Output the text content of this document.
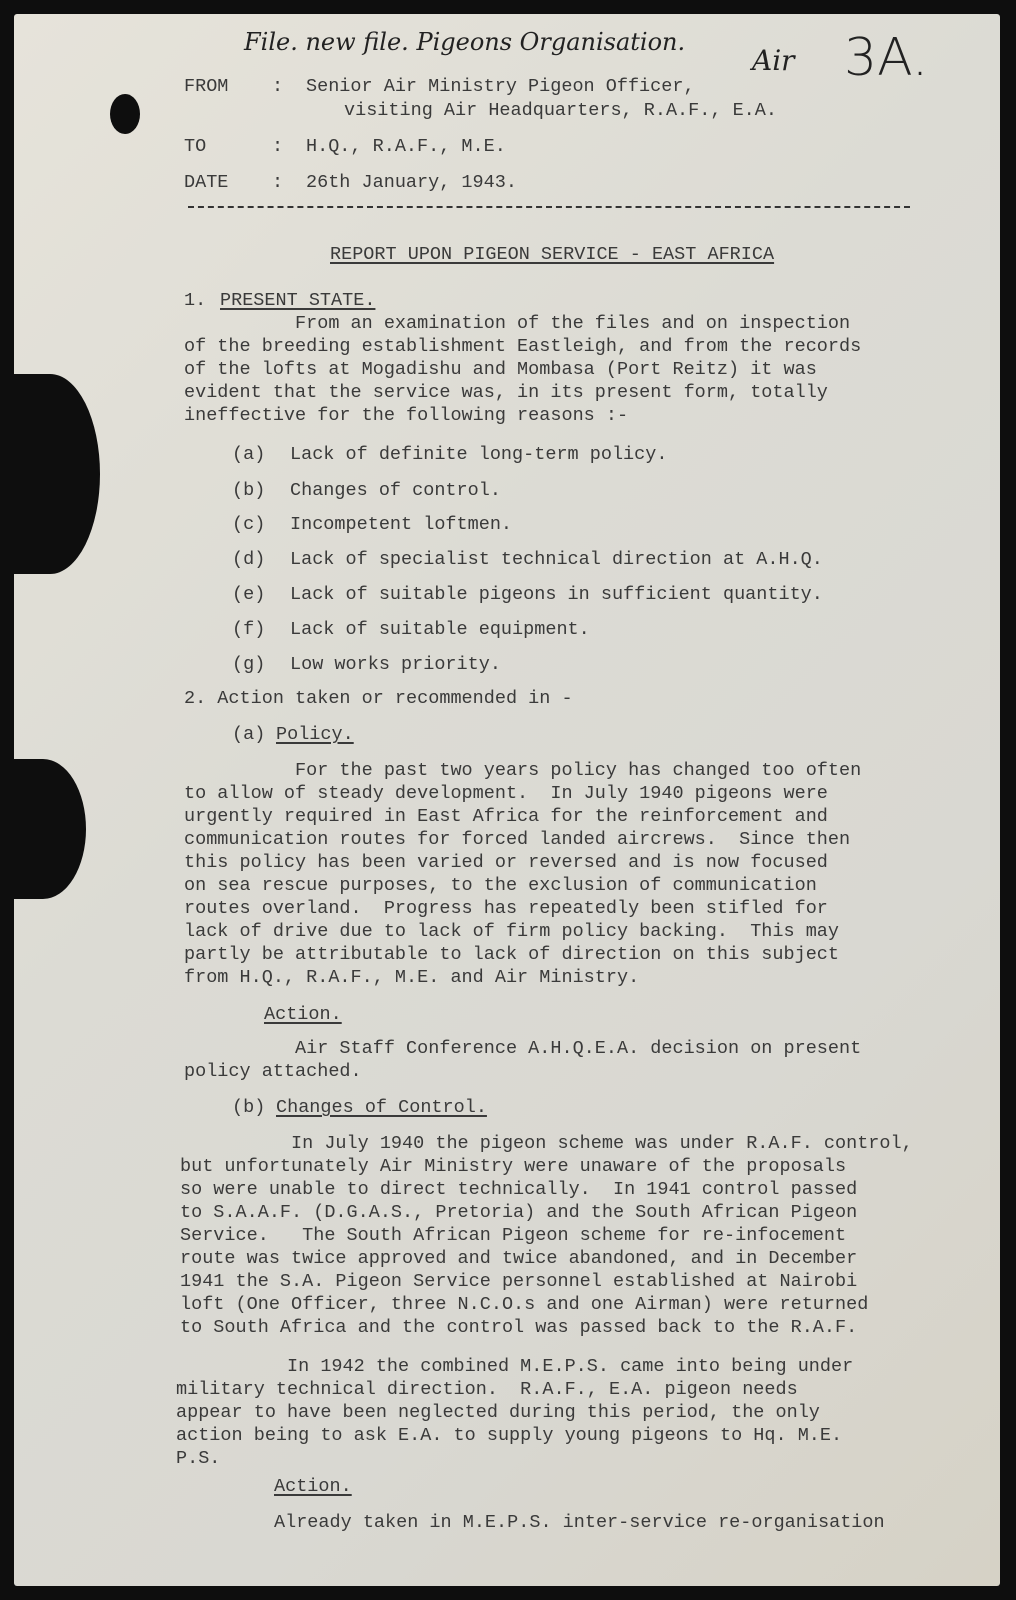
File. new file. Pigeons Organisation.
Air 3A.
FROM : Senior Air Ministry Pigeon Officer,
visiting Air Headquarters, R.A.F., E.A.
TO	: H.Q., R.A.F., M.E.
DATE : 26th January, 1943.
REPORT UPON PIGEON SERVICE - EAST AFRICA
1. PRESENT STATE.
From an examination of the files and on inspection
of the breeding establishment Eastleigh, and from the records
of the lofts at Mogadishu and Mombasa (Port Reitz) it was
evident that the service was, in its present form, totally
ineffective for the following reasons :-
(a) Lack of definite long-term policy.
(b) Changes of control.
(c) Incompetent loftmen.
(d) Lack of specialist technical direction at A.H.Q.
(e) Lack of suitable pigeons in sufficient quantity.
(f) Lack of suitable equipment.
(g) Low works priority.
2. Action taken or recommended in -
(a) Policy.
For the past two years policy has changed too often
to allow of steady development.  In July 1940 pigeons were
urgently required in East Africa for the reinforcement and
communication routes for forced landed aircrews.  Since then
this policy has been varied or reversed and is now focused
on sea rescue purposes, to the exclusion of communication
routes overland.  Progress has repeatedly been stifled for
lack of drive due to lack of firm policy backing.  This may
partly be attributable to lack of direction on this subject
from H.Q., R.A.F., M.E. and Air Ministry.
Action.
Air Staff Conference A.H.Q.E.A. decision on present
policy attached.
(b) Changes of Control.
In July 1940 the pigeon scheme was under R.A.F. control,
but unfortunately Air Ministry were unaware of the proposals
so were unable to direct technically.  In 1941 control passed
to S.A.A.F. (D.G.A.S., Pretoria) and the South African Pigeon
Service.   The South African Pigeon scheme for re-infocement
route was twice approved and twice abandoned, and in December
1941 the S.A. Pigeon Service personnel established at Nairobi
loft (One Officer, three N.C.O.s and one Airman) were returned
to South Africa and the control was passed back to the R.A.F.
In 1942 the combined M.E.P.S. came into being under
military technical direction.  R.A.F., E.A. pigeon needs
appear to have been neglected during this period, the only
action being to ask E.A. to supply young pigeons to Hq. M.E.
P.S.
Action.
Already taken in M.E.P.S. inter-service re-organisation
